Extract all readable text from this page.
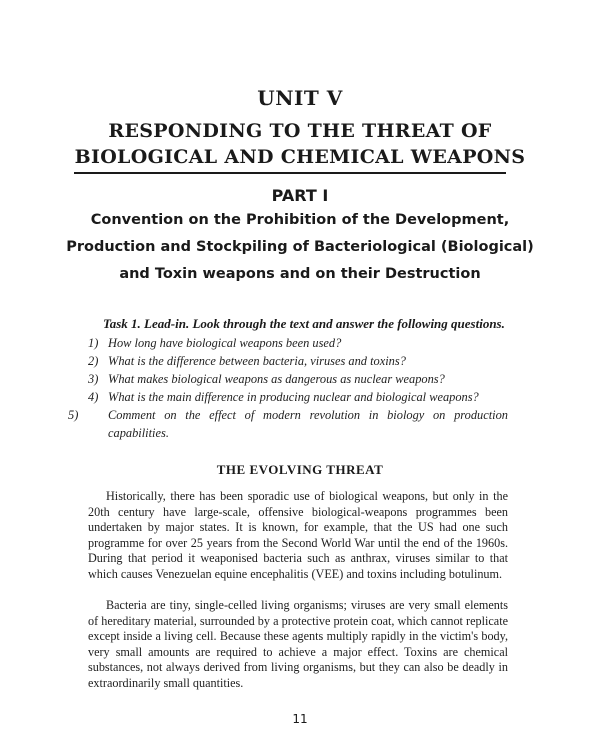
UNIT V
RESPONDING TO THE THREAT OF
BIOLOGICAL AND CHEMICAL WEAPONS
PART I
Convention on the Prohibition of the Development,
Production and Stockpiling of Bacteriological (Biological)
and Toxin weapons and on their Destruction
Task 1. Lead-in. Look through the text and answer the following questions.
1) How long have biological weapons been used?
2) What is the difference between bacteria, viruses and toxins?
3) What makes biological weapons as dangerous as nuclear weapons?
4) What is the main difference in producing nuclear and biological weapons?
5) Comment on the effect of modern revolution in biology on production capabilities.
THE EVOLVING THREAT

Historically, there has been sporadic use of biological weapons, but only in the 20th century have large-scale, offensive biological-weapons programmes been undertaken by major states. It is known, for example, that the US had one such programme for over 25 years from the Second World War until the end of the 1960s. During that period it weaponised bacteria such as anthrax, viruses similar to that which causes Venezuelan equine encephalitis (VEE) and toxins including botulinum.

Bacteria are tiny, single-celled living organisms; viruses are very small elements of hereditary material, surrounded by a protective protein coat, which cannot replicate except inside a living cell. Because these agents multiply rapidly in the victim's body, very small amounts are required to achieve a major effect. Toxins are chemical substances, not always derived from living organisms, but they can also be deadly in extraordinarily small quantities.

11
